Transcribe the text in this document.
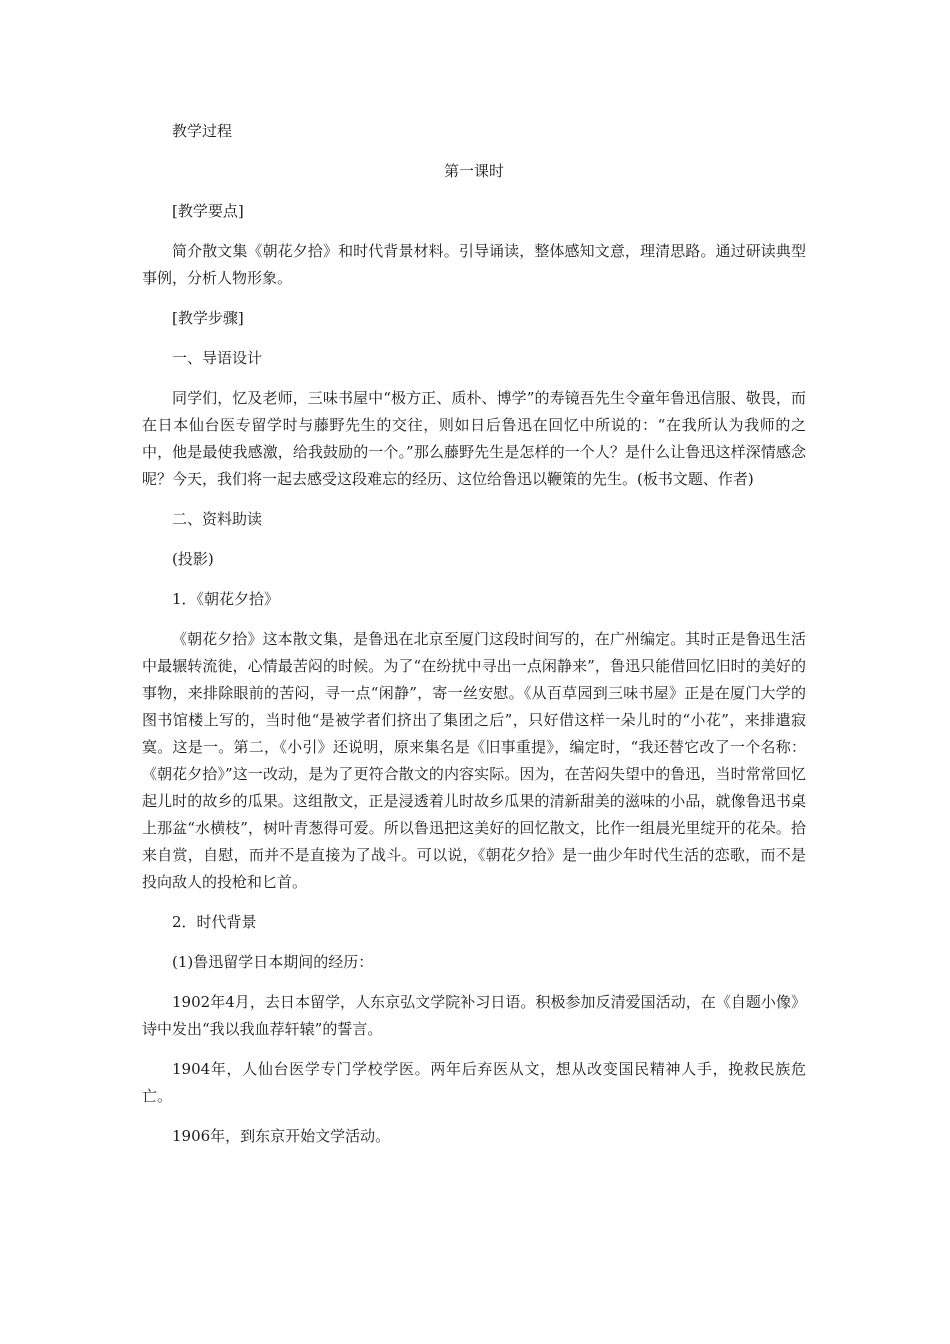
教学过程

第一课时

[教学要点]

简介散文集《朝花夕拾》和时代背景材料。引导诵读，整体感知文意，理清思路。通过研读典型事例，分析人物形象。

[教学步骤]

一、导语设计

同学们，忆及老师，三味书屋中“极方正、质朴、博学”的寿镜吾先生令童年鲁迅信服、敬畏，而在日本仙台医专留学时与藤野先生的交往，则如日后鲁迅在回忆中所说的：“在我所认为我师的之中，他是最使我感激，给我鼓励的一个。”那么藤野先生是怎样的一个人？是什么让鲁迅这样深情感念呢？今天，我们将一起去感受这段难忘的经历、这位给鲁迅以鞭策的先生。(板书文题、作者)

二、资料助读

(投影)

1．《朝花夕拾》

《朝花夕拾》这本散文集，是鲁迅在北京至厦门这段时间写的，在广州编定。其时正是鲁迅生活中最辗转流徙，心情最苦闷的时候。为了“在纷扰中寻出一点闲静来”，鲁迅只能借回忆旧时的美好的事物，来排除眼前的苦闷，寻一点“闲静”，寄一丝安慰。《从百草园到三味书屋》正是在厦门大学的图书馆楼上写的，当时他“是被学者们挤出了集团之后”，只好借这样一朵儿时的“小花”，来排遣寂寞。这是一。第二，《小引》还说明，原来集名是《旧事重提》，编定时，“我还替它改了一个名称：《朝花夕拾》”这一改动，是为了更符合散文的内容实际。因为，在苦闷失望中的鲁迅，当时常常回忆起儿时的故乡的瓜果。这组散文，正是浸透着儿时故乡瓜果的清新甜美的滋味的小品，就像鲁迅书桌上那盆“水横枝”，树叶青葱得可爱。所以鲁迅把这美好的回忆散文，比作一组晨光里绽开的花朵。拾来自赏，自慰，而并不是直接为了战斗。可以说，《朝花夕拾》是一曲少年时代生活的恋歌，而不是投向敌人的投枪和匕首。

2．时代背景

(1)鲁迅留学日本期间的经历：

1902年4月，去日本留学，人东京弘文学院补习日语。积极参加反清爱国活动，在《自题小像》诗中发出“我以我血荐轩辕”的誓言。

1904年，人仙台医学专门学校学医。两年后弃医从文，想从改变国民精神人手，挽救民族危亡。

1906年，到东京开始文学活动。
